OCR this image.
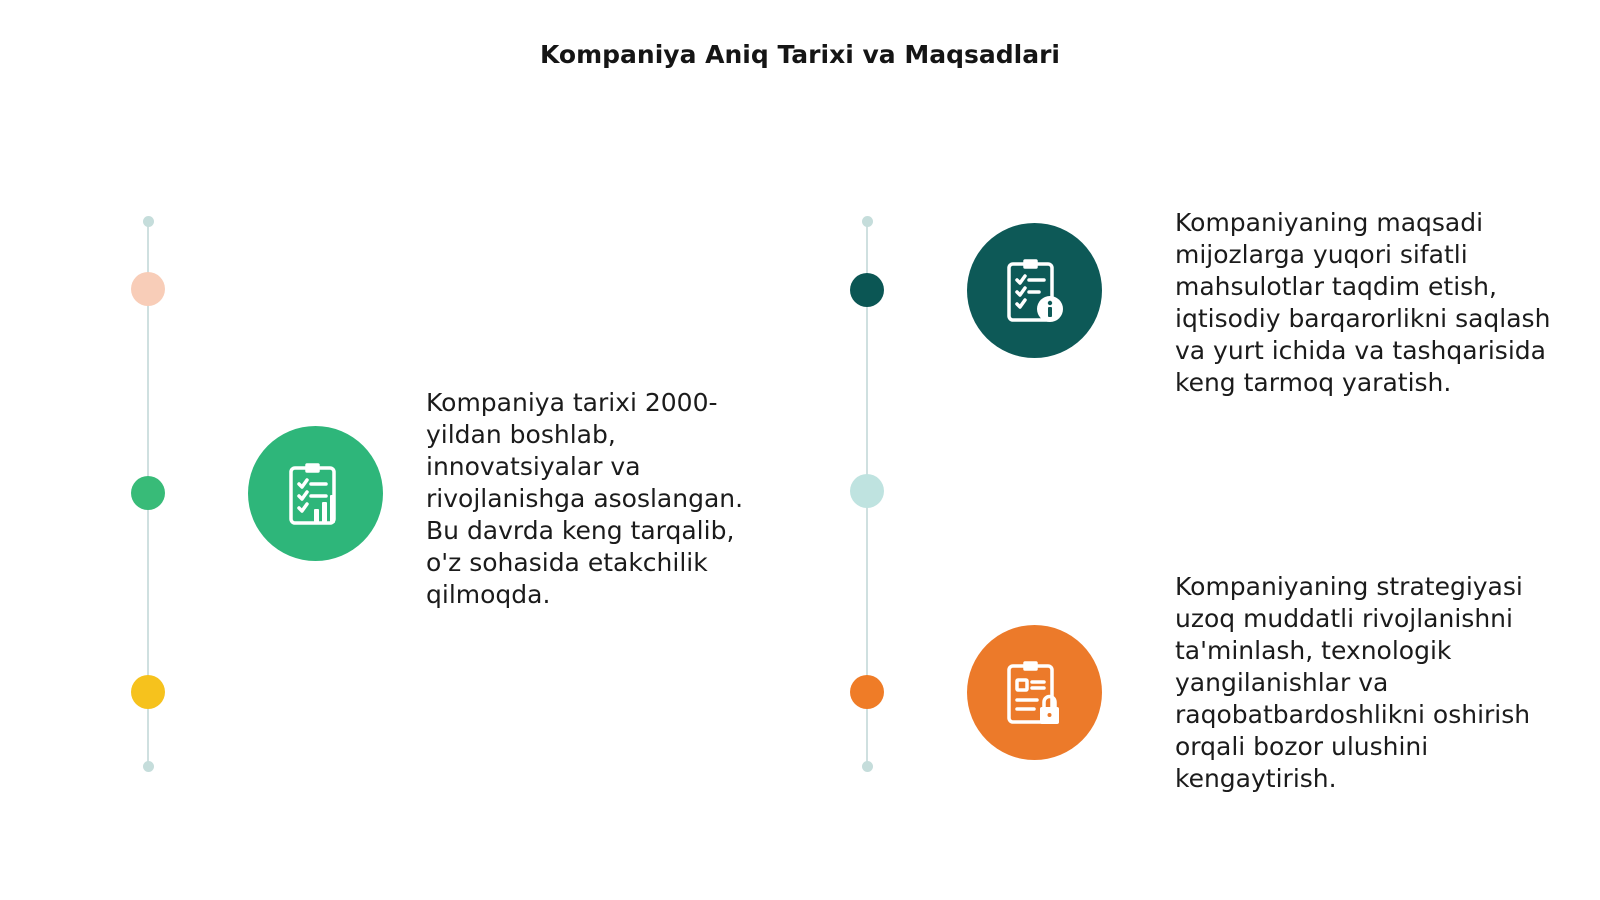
Kompaniya Aniq Tarixi va Maqsadlari

Kompaniya tarixi 2000-yildan boshlab, innovatsiyalar va rivojlanishga asoslangan. Bu davrda keng tarqalib, o'z sohasida etakchilik qilmoqda.

Kompaniyaning maqsadi mijozlarga yuqori sifatli mahsulotlar taqdim etish, iqtisodiy barqarorlikni saqlash va yurt ichida va tashqarisida keng tarmoq yaratish.

Kompaniyaning strategiyasi uzoq muddatli rivojlanishni ta'minlash, texnologik yangilanishlar va raqobatbardoshlikni oshirish orqali bozor ulushini kengaytirish.
